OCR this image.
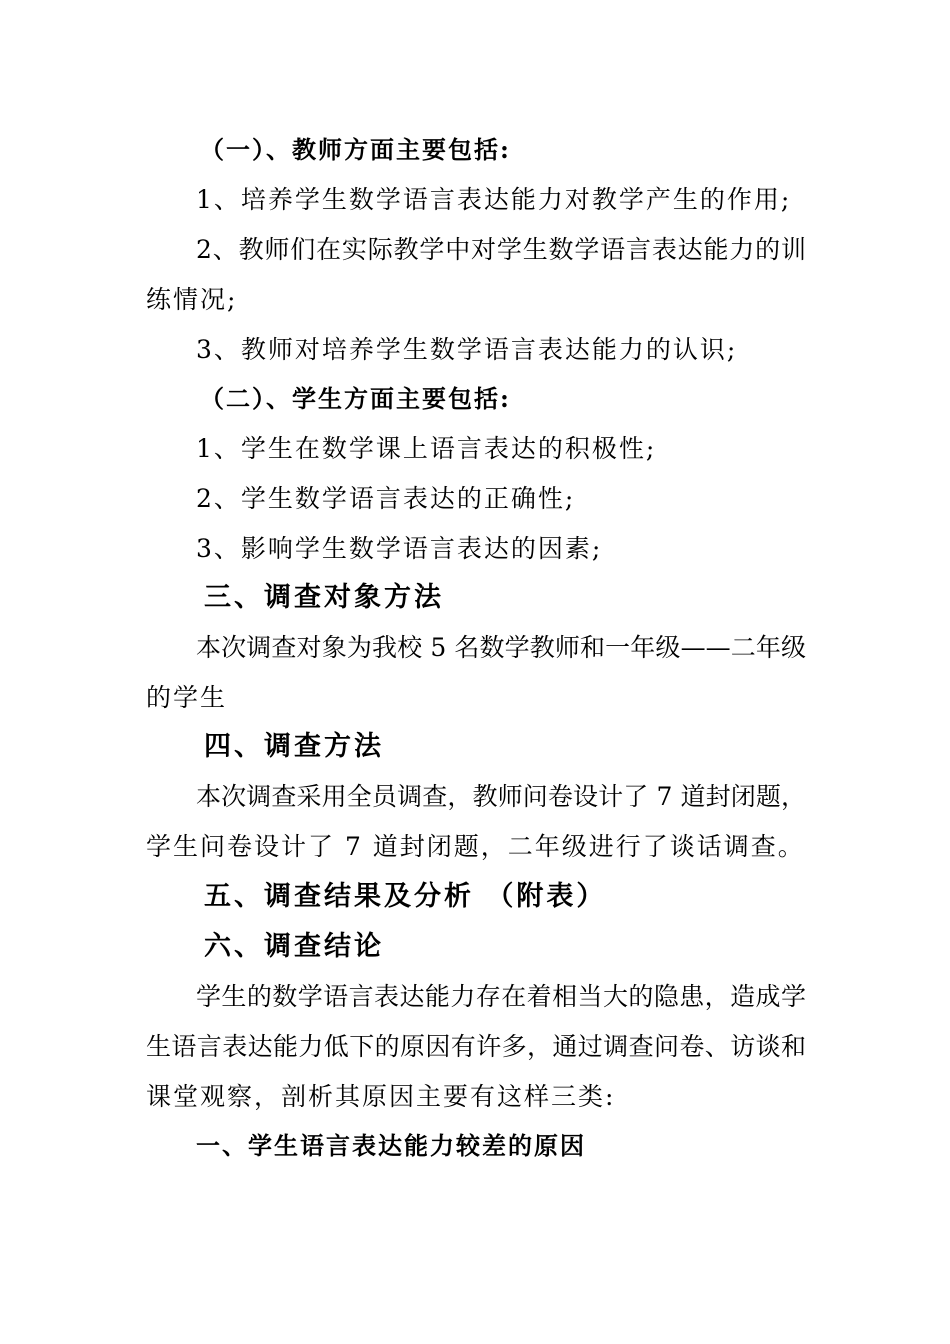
（一）、教师方面主要包括:
1、培养学生数学语言表达能力对教学产生的作用;
2、教师们在实际教学中对学生数学语言表达能力的训
练情况;
3、教师对培养学生数学语言表达能力的认识;
（二）、学生方面主要包括:
1、学生在数学课上语言表达的积极性;
2、学生数学语言表达的正确性;
3、影响学生数学语言表达的因素;
三、调查对象方法
本次调查对象为我校 5 名数学教师和一年级——二年级
的学生
四、调查方法
本次调查采用全员调查，教师问卷设计了 7 道封闭题，
学生问卷设计了 7 道封闭题，二年级进行了谈话调查。
五、调查结果及分析 （附表）
六、调查结论
学生的数学语言表达能力存在着相当大的隐患，造成学
生语言表达能力低下的原因有许多，通过调查问卷、访谈和
课堂观察，剖析其原因主要有这样三类:
一、学生语言表达能力较差的原因
